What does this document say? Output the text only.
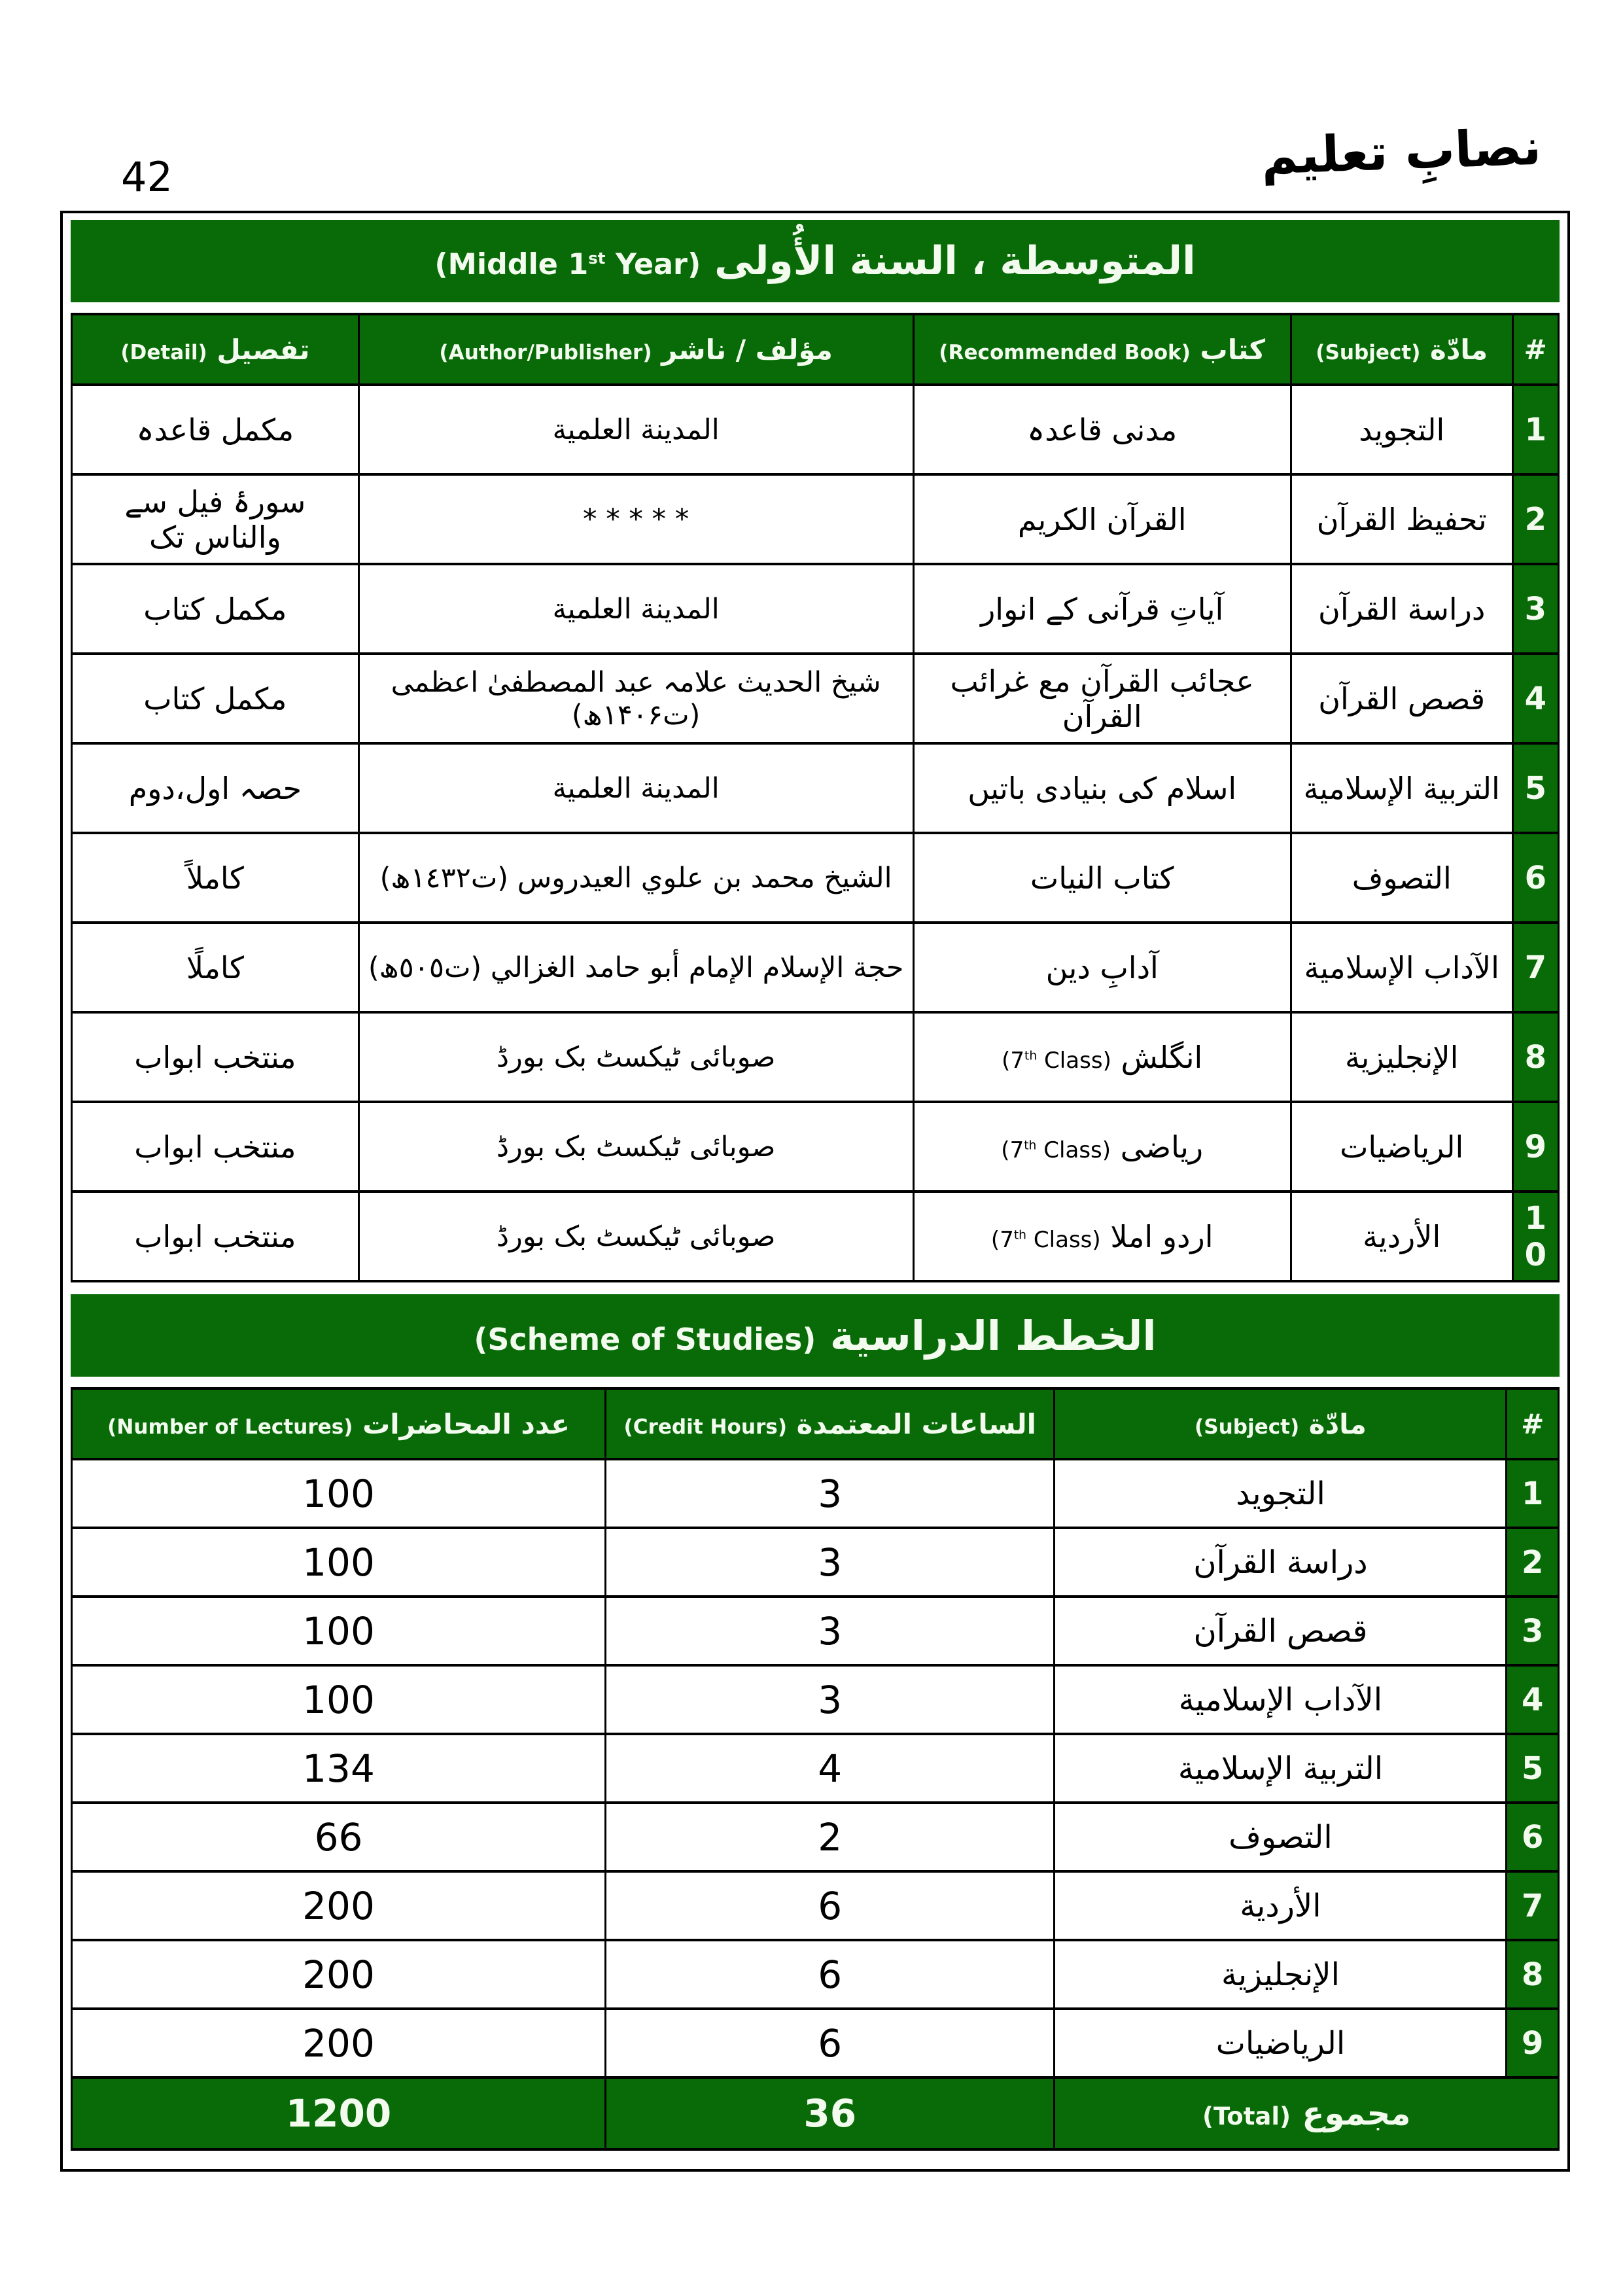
42	نصابِ تعلیم
المتوسطة ، السنة الأُولى (Middle 1st Year)
#	مادّة (Subject)	كتاب (Recommended Book)	مؤلف / ناشر (Author/Publisher)	تفصيل (Detail)
1	التجويد	مدنی قاعدہ	المدينة العلمية	مکمل قاعدہ
2	تحفيظ القرآن	القرآن الكريم	* * * * *	سورۂ فیل سے والناس تک
3	دراسة القرآن	آیاتِ قرآنی کے انوار	المدينة العلمية	مکمل کتاب
4	قصص القرآن	عجائب القرآن مع غرائب القرآن	شیخ الحدیث علامہ عبد المصطفیٰ اعظمی (ت۱۴۰۶ھ)	مکمل کتاب
5	التربية الإسلامية	اسلام کی بنیادی باتیں	المدينة العلمية	حصہ اول،دوم
6	التصوف	كتاب النيات	الشيخ محمد بن علوي العيدروس (ت١٤٣٢ھ)	كاملاً
7	الآداب الإسلامية	آدابِ دین	حجة الإسلام الإمام أبو حامد الغزالي (ت٥٠٥ھ)	كاملًا
8	الإنجليزية	انگلش (7th Class)	صوبائی ٹیکسٹ بک بورڈ	منتخب ابواب
9	الرياضيات	ریاضی (7th Class)	صوبائی ٹیکسٹ بک بورڈ	منتخب ابواب
10	الأردية	اردو املا (7th Class)	صوبائی ٹیکسٹ بک بورڈ	منتخب ابواب
الخطط الدراسية (Scheme of Studies)
#	مادّة (Subject)	الساعات المعتمدة (Credit Hours)	عدد المحاضرات (Number of Lectures)
1	التجويد	3	100
2	دراسة القرآن	3	100
3	قصص القرآن	3	100
4	الآداب الإسلامية	3	100
5	التربية الإسلامية	4	134
6	التصوف	2	66
7	الأردية	6	200
8	الإنجليزية	6	200
9	الرياضيات	6	200
مجموع (Total)		36	1200
